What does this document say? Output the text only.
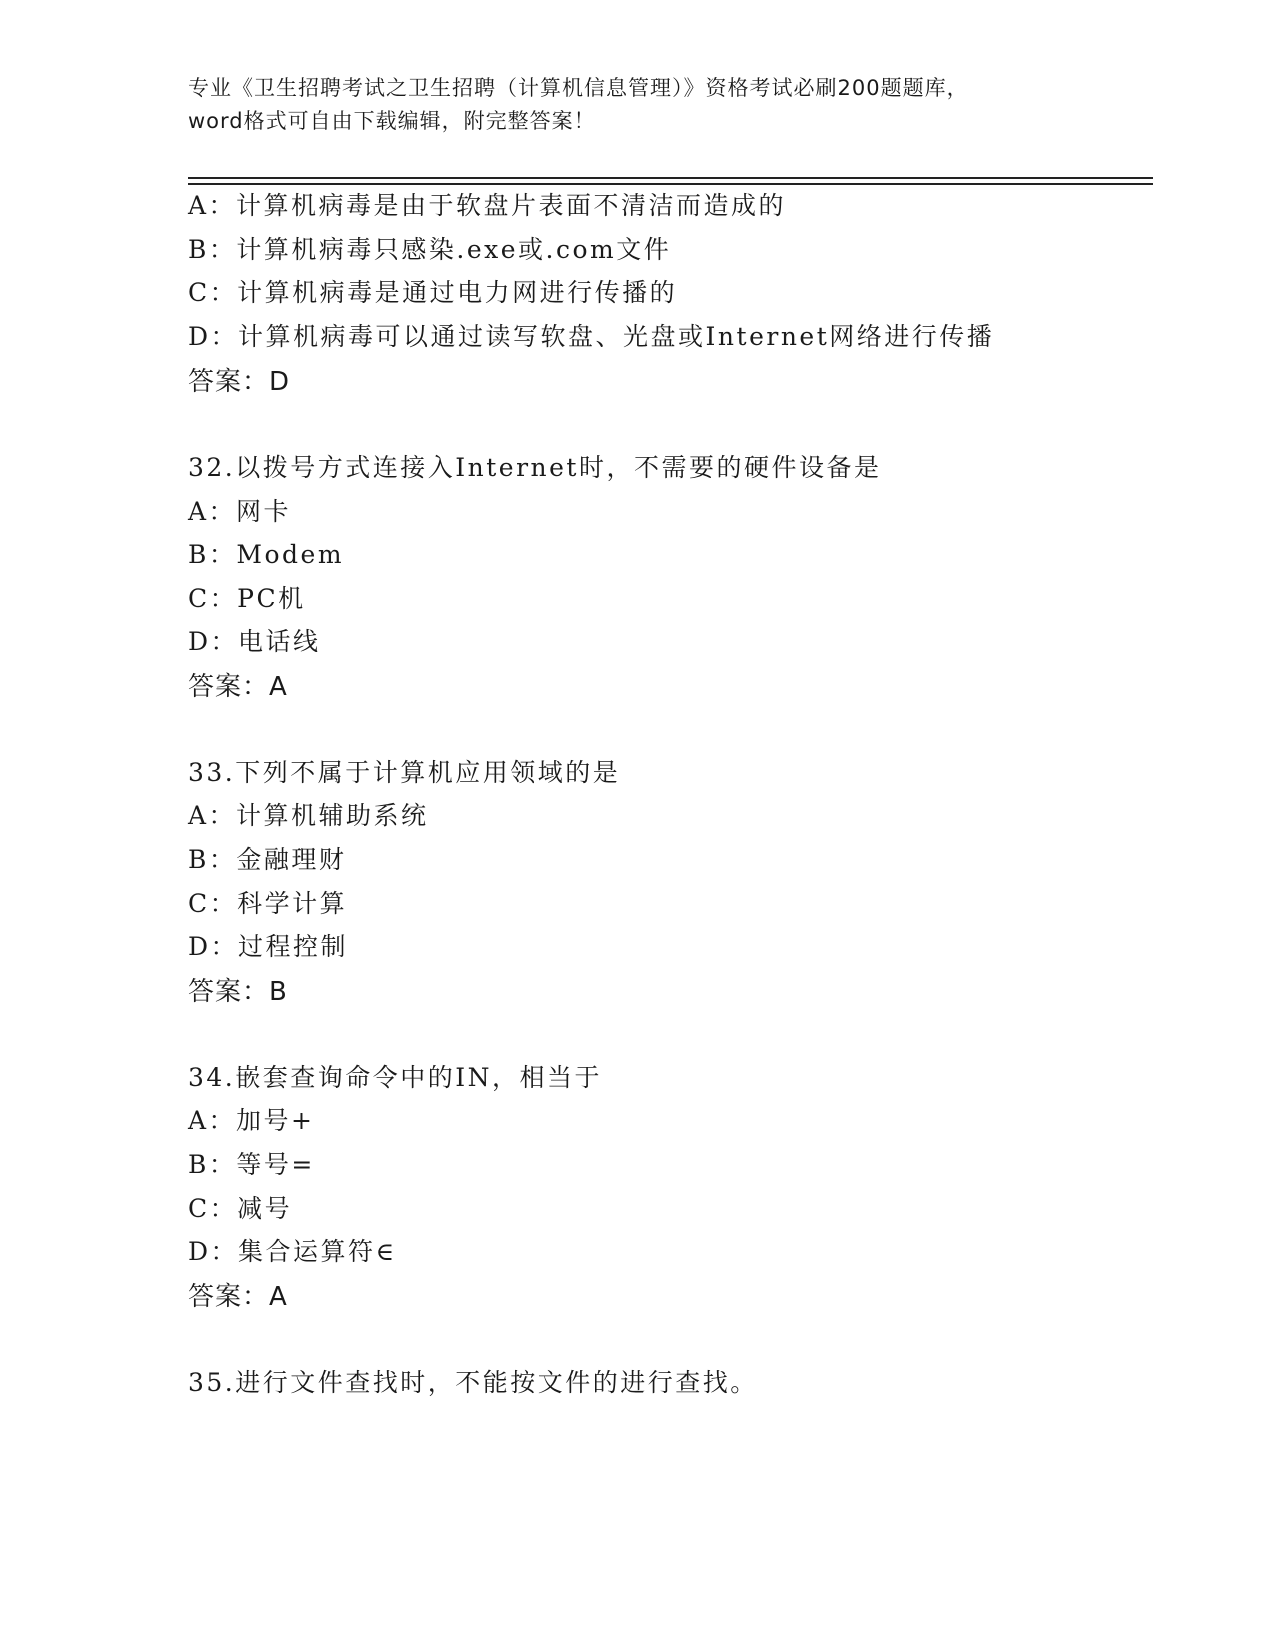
专业《卫生招聘考试之卫生招聘（计算机信息管理）》资格考试必刷200题题库，
word格式可自由下载编辑，附完整答案！
A：计算机病毒是由于软盘片表面不清洁而造成的
B：计算机病毒只感染.exe或.com文件
C：计算机病毒是通过电力网进行传播的
D：计算机病毒可以通过读写软盘、光盘或Internet网络进行传播
答案：D
32.以拨号方式连接入Internet时，不需要的硬件设备是
A：网卡
B：Modem
C：PC机
D：电话线
答案：A
33.下列不属于计算机应用领域的是
A：计算机辅助系统
B：金融理财
C：科学计算
D：过程控制
答案：B
34.嵌套查询命令中的IN，相当于
A：加号+
B：等号=
C：减号
D：集合运算符∈
答案：A
35.进行文件查找时，不能按文件的进行查找。
